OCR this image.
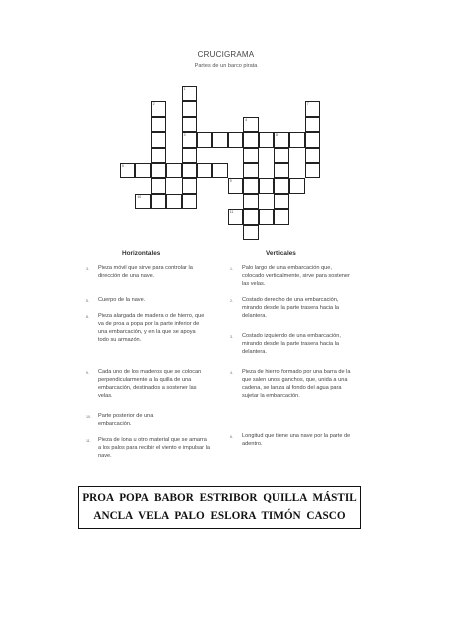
CRUCIGRAMA
Partes de un barco pirata
1
3
2	7
8
4
5
9
10
11
Horizontales	Verticales
3. Pieza móvil que sirve para controlar la dirección de una nave.
5. Cuerpo de la nave.
8. Pieza alargada de madera o de hierro, que va de proa a popa por la parte inferior de una embarcación, y en la que se apoya todo su armazón.
9. Cada uno de los maderos que se colocan perpendicularmente a la quilla de una embarcación, destinados a sostener las velas.
10. Parte posterior de una embarcación.
11. Pieza de lona u otro material que se amarra a los palos para recibir el viento e impulsar la nave.
1. Palo largo de una embarcación que, colocado verticalmente, sirve para sostener las velas.
2. Costado derecho de una embarcación, mirando desde la parte trasera hacia la delantera.
3. Costado izquierdo de una embarcación, mirando desde la parte trasera hacia la delantera.
4. Pieza de hierro formado por una barra de la que salen unos ganchos, que, unida a una cadena, se lanza al fondo del agua para sujetar la embarcación.
6. Longitud que tiene una nave por la parte de adentro.
PROA POPA BABOR ESTRIBOR QUILLA MÁSTIL
ANCLA VELA PALO ESLORA TIMÓN CASCO
